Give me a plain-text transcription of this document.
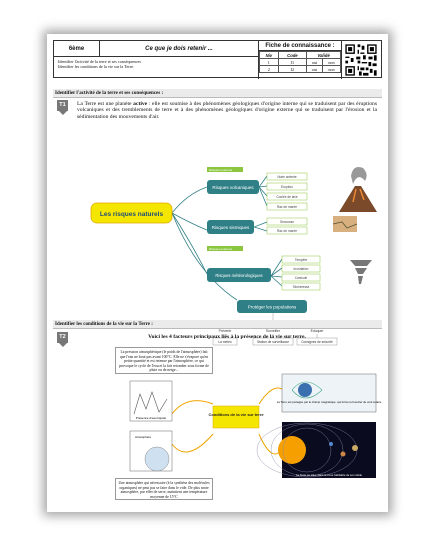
6ème	Ce que je dois retenir ...
Identifier l'activité de la terre et ses conséquences
Identifier les conditions de la vie sur la Terre.
Fiche de connaissance :
Niv	Code	Validé	
1	I1	oui	non
2	I2	oui	non
Identifier l'activité de la terre et ses conséquences :
T1	La Terre est une planète active : elle est soumise à des phénomènes géologiques d'origine interne qui se traduisent par des éruptions volcaniques et des tremblements de terre et à des phénomènes géologiques d'origine externe qui se traduisent par l'érosion et la sédimentation des mouvements d'air.
Les risques naturels
Risques externes
Risques volcaniques
Risques sismiques
Risques externes
Risques météorologiques
Protéger les populations
Nuée ardente
Eruption
Coulée de lave
Raz de marée
Secousse
Raz de marée
Tempête
Inondation
Canicule
Sécheresse
Prévenir	Surveiller	Éduquer
La météo	Station de surveillance	Consignes de sécurité
Identifier les conditions de la vie sur la Terre :
T2	Voici les 4 facteurs principaux liés à la présence de la vie sur terre.
La pression atmosphérique (le poids de l'atmosphère) fait que l'eau ne bout pas avant 100°C. Elle ne s'évapore qu'en petite quantité et est retenue par l'atmosphère, ce qui provoque le cycle de l'eau et la fait retomber sous forme de pluie ou de neige...
Présence d'eau liquide
Atmosphère
Conditions de la vie sur terre
La Terre est protégée par le champ magnétique, qui forme le bouclier du vent solaire
La Terre se situe dans la zone habitable de son étoile
Une atmosphère qui nécessaire (à la synthèse des molécules organiques) ne peut pas se faire dans le vide. De plus notre atmosphère, par effet de serre, maintient une température moyenne de 15°C
